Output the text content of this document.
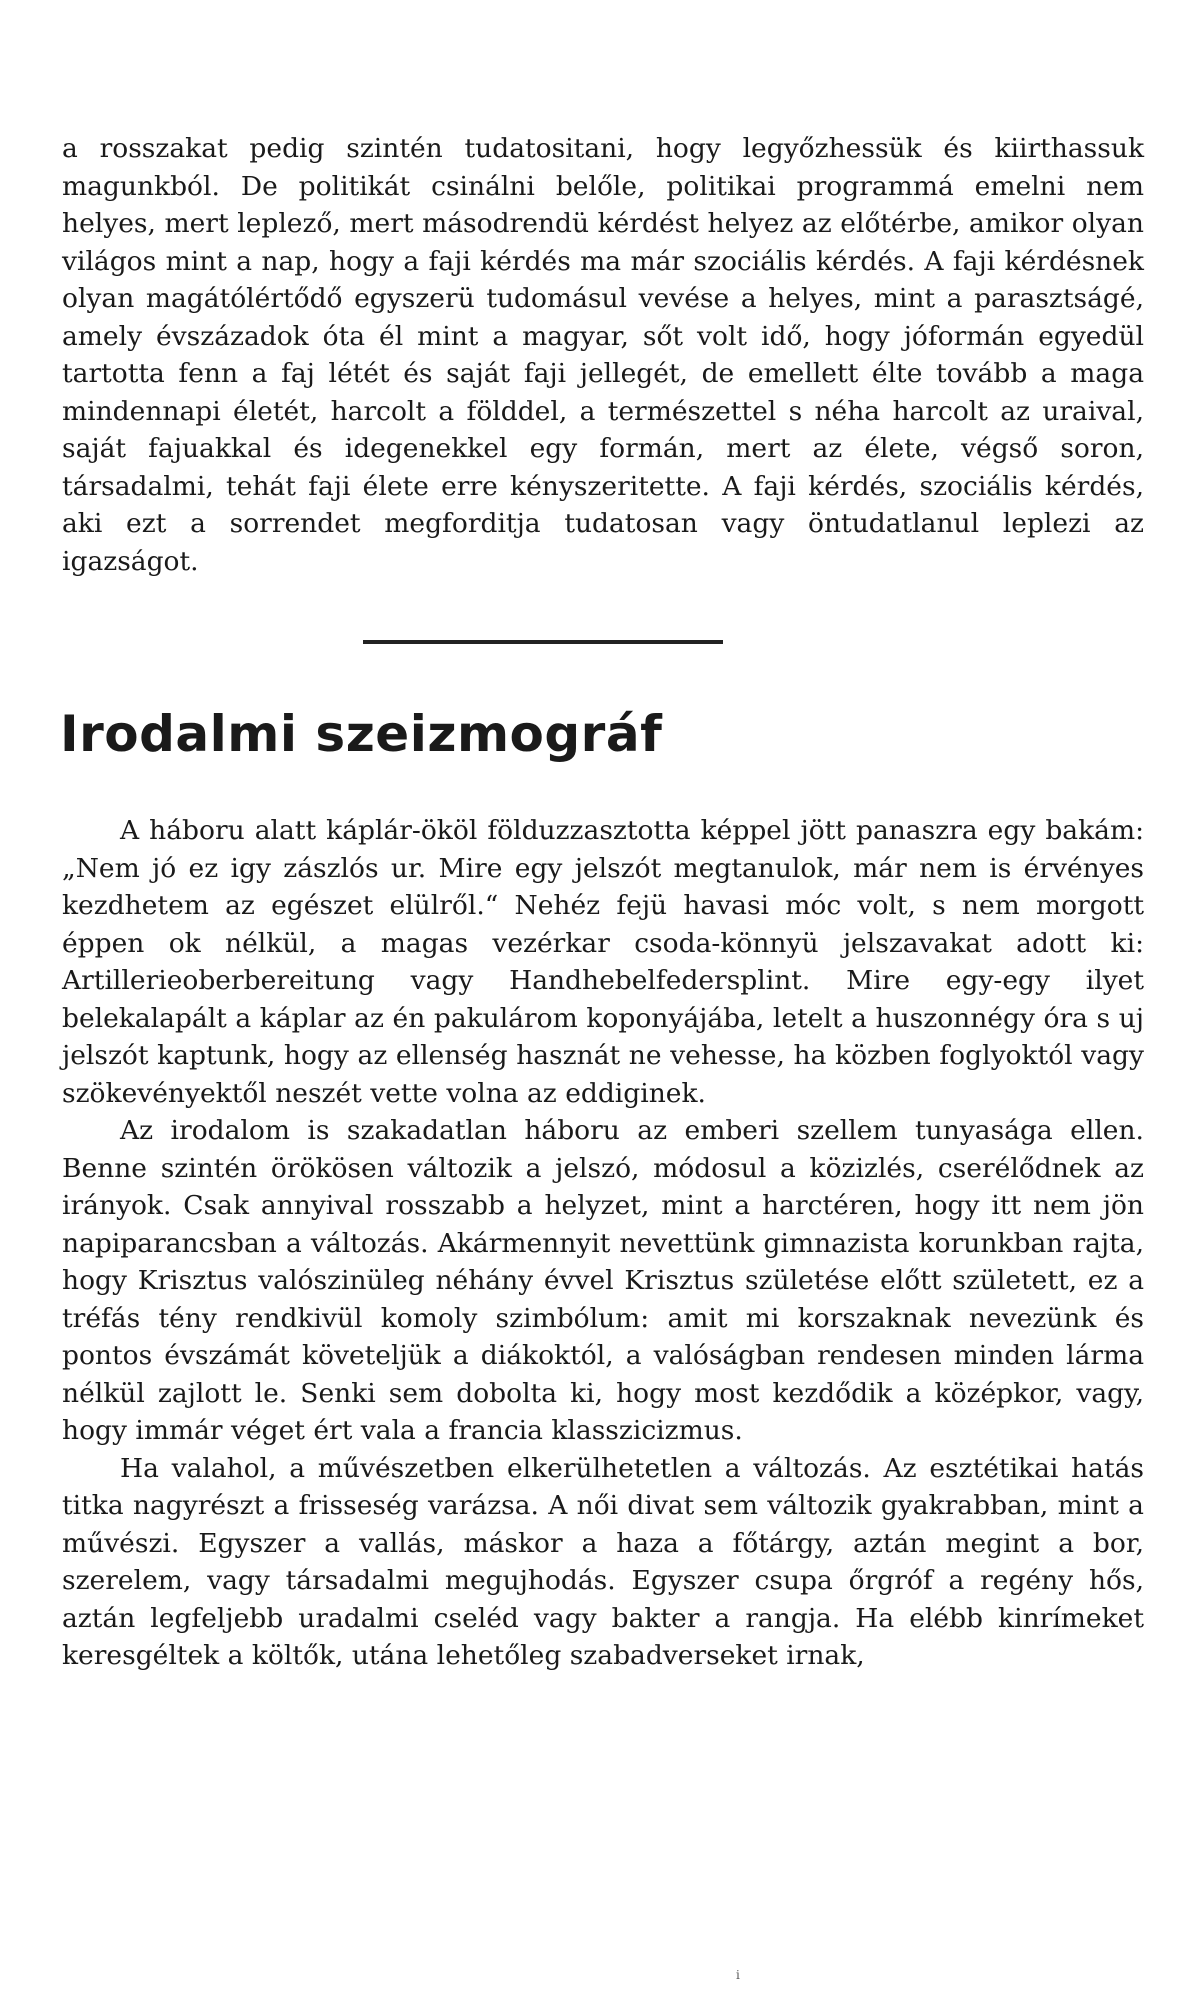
a rosszakat pedig szintén tudatositani, hogy legyőzhessük és kiirthassuk magunkból. De politikát csinálni belőle, politikai programmá emelni nem helyes, mert leplező, mert másodrendü kérdést helyez az előtérbe, amikor olyan világos mint a nap, hogy a faji kérdés ma már szociális kérdés. A faji kérdésnek olyan magátólértődő egyszerü tudomásul vevése a helyes, mint a parasztságé, amely évszázadok óta él mint a magyar, sőt volt idő, hogy jóformán egyedül tartotta fenn a faj létét és saját faji jellegét, de emellett élte tovább a maga mindennapi életét, harcolt a földdel, a természettel s néha harcolt az uraival, saját fajuakkal és idegenekkel egy formán, mert az élete, végső soron, társadalmi, tehát faji élete erre kényszeritette. A faji kérdés, szociális kérdés, aki ezt a sorrendet megforditja tudatosan vagy öntudatlanul leplezi az igazságot.

Irodalmi szeizmográf

A háboru alatt káplár-ököl földuzzasztotta képpel jött panaszra egy bakám: „Nem jó ez igy zászlós ur. Mire egy jelszót megtanulok, már nem is érvényes kezdhetem az egészet elülről.“ Nehéz fejü havasi móc volt, s nem morgott éppen ok nélkül, a magas vezérkar csoda-könnyü jelszavakat adott ki: Artillerieoberbereitung vagy Handhebelfedersplint. Mire egy-egy ilyet belekalapált a káplar az én pakulárom koponyájába, letelt a huszonnégy óra s uj jelszót kaptunk, hogy az ellenség hasznát ne vehesse, ha közben foglyoktól vagy szökevényektől neszét vette volna az eddiginek.

Az irodalom is szakadatlan háboru az emberi szellem tunyasága ellen. Benne szintén örökösen változik a jelszó, módosul a közizlés, cserélődnek az irányok. Csak annyival rosszabb a helyzet, mint a harctéren, hogy itt nem jön napiparancsban a változás. Akármennyit nevettünk gimnazista korunkban rajta, hogy Krisztus valószinüleg néhány évvel Krisztus születése előtt született, ez a tréfás tény rendkivül komoly szimbólum: amit mi korszaknak nevezünk és pontos évszámát követeljük a diákoktól, a valóságban rendesen minden lárma nélkül zajlott le. Senki sem dobolta ki, hogy most kezdődik a középkor, vagy, hogy immár véget ért vala a francia klasszicizmus.

Ha valahol, a művészetben elkerülhetetlen a változás. Az esztétikai hatás titka nagyrészt a frisseség varázsa. A női divat sem változik gyakrabban, mint a művészi. Egyszer a vallás, máskor a haza a főtárgy, aztán megint a bor, szerelem, vagy társadalmi megujhodás. Egyszer csupa őrgróf a regény hős, aztán legfeljebb uradalmi cseléd vagy bakter a rangja. Ha elébb kinrímeket keresgéltek a költők, utána lehetőleg szabadverseket irnak,

i
